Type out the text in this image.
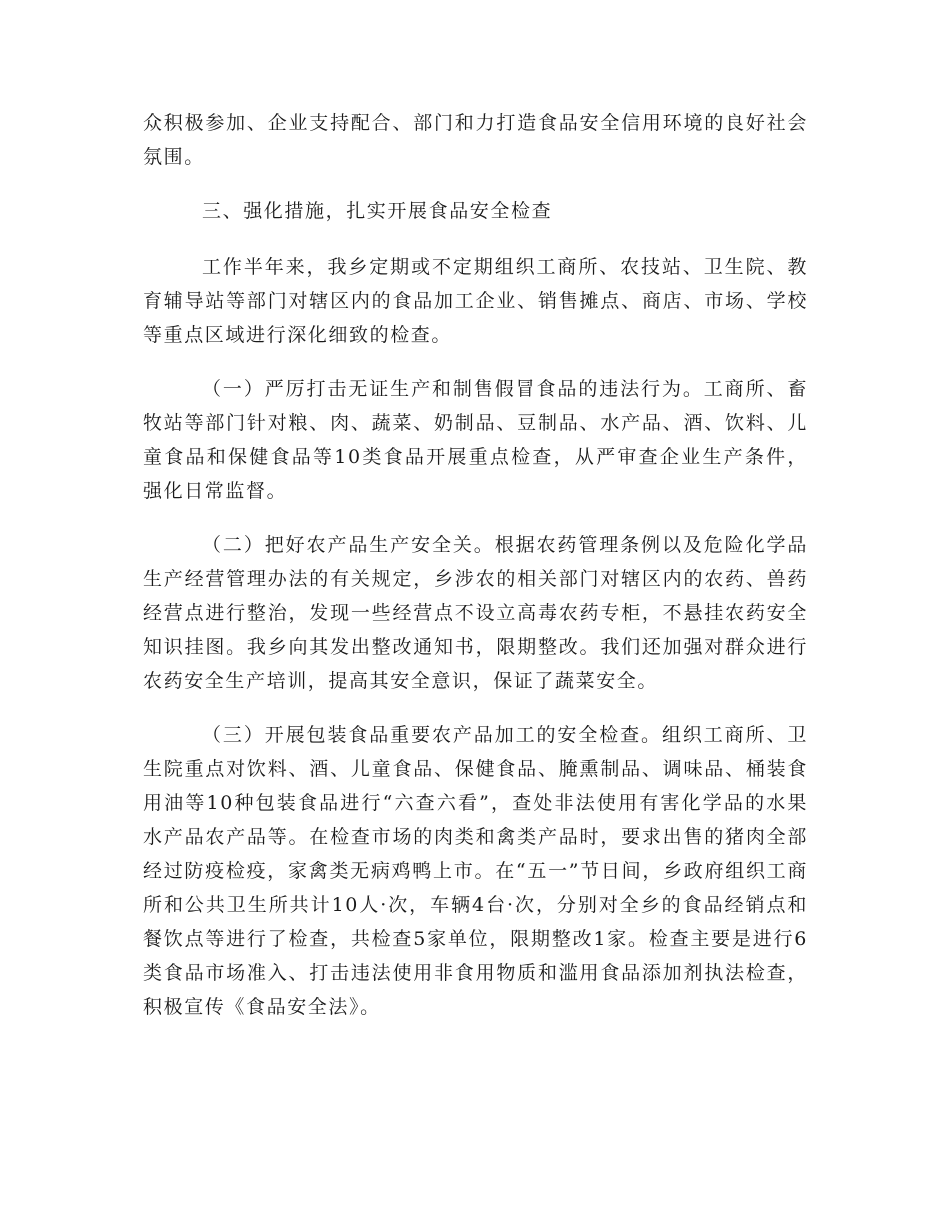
众积极参加、企业支持配合、部门和力打造食品安全信用环境的良好社会氛围。

三、强化措施，扎实开展食品安全检查

工作半年来，我乡定期或不定期组织工商所、农技站、卫生院、教育辅导站等部门对辖区内的食品加工企业、销售摊点、商店、市场、学校等重点区域进行深化细致的检查。

（一）严厉打击无证生产和制售假冒食品的违法行为。工商所、畜牧站等部门针对粮、肉、蔬菜、奶制品、豆制品、水产品、酒、饮料、儿童食品和保健食品等10类食品开展重点检查，从严审查企业生产条件，强化日常监督。

（二）把好农产品生产安全关。根据农药管理条例以及危险化学品生产经营管理办法的有关规定，乡涉农的相关部门对辖区内的农药、兽药经营点进行整治，发现一些经营点不设立高毒农药专柜，不悬挂农药安全知识挂图。我乡向其发出整改通知书，限期整改。我们还加强对群众进行农药安全生产培训，提高其安全意识，保证了蔬菜安全。

（三）开展包装食品重要农产品加工的安全检查。组织工商所、卫生院重点对饮料、酒、儿童食品、保健食品、腌熏制品、调味品、桶装食用油等10种包装食品进行“六查六看”，查处非法使用有害化学品的水果水产品农产品等。在检查市场的肉类和禽类产品时，要求出售的猪肉全部经过防疫检疫，家禽类无病鸡鸭上市。在“五一”节日间，乡政府组织工商所和公共卫生所共计10人·次，车辆4台·次，分别对全乡的食品经销点和餐饮点等进行了检查，共检查5家单位，限期整改1家。检查主要是进行6类食品市场准入、打击违法使用非食用物质和滥用食品添加剂执法检查，积极宣传《食品安全法》。
